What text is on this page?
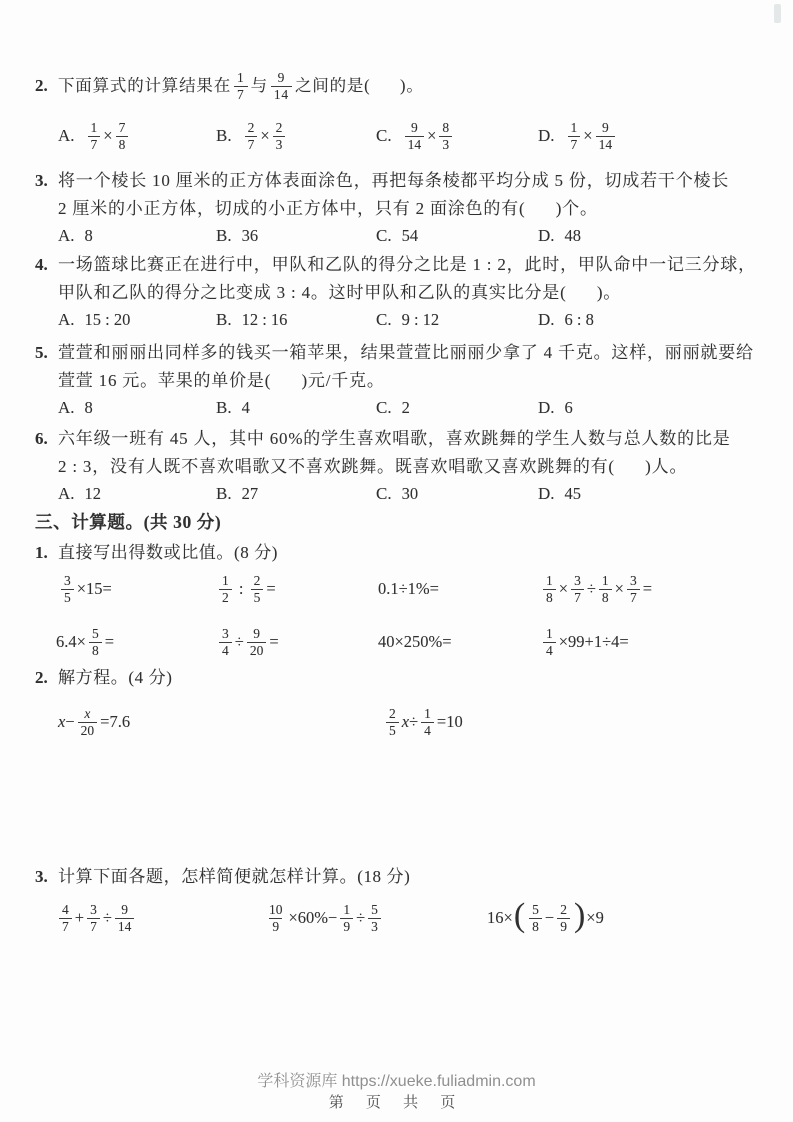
2. 下面算式的计算结果在 $\frac{1}{7}$ 与 $\frac{9}{14}$ 之间的是(      )。
A. $\frac{1}{7} \times \frac{7}{8}$	B. $\frac{2}{7} \times \frac{2}{3}$	C. $\frac{9}{14} \times \frac{8}{3}$	D. $\frac{1}{7} \times \frac{9}{14}$
3. 将一个棱长 10 厘米的正方体表面涂色，再把每条棱都平均分成 5 份，切成若干个棱长
2 厘米的小正方体，切成的小正方体中，只有 2 面涂色的有(      )个。
A. 8	B. 36	C. 54	D. 48
4. 一场篮球比赛正在进行中，甲队和乙队的得分之比是 1 : 2，此时，甲队命中一记三分球，
甲队和乙队的得分之比变成 3 : 4。这时甲队和乙队的真实比分是(      )。
A. 15 : 20	B. 12 : 16	C. 9 : 12	D. 6 : 8
5. 萱萱和丽丽出同样多的钱买一箱苹果，结果萱萱比丽丽少拿了 4 千克。这样，丽丽就要给
萱萱 16 元。苹果的单价是(      )元/千克。
A. 8	B. 4	C. 2	D. 6
6. 六年级一班有 45 人，其中 60%的学生喜欢唱歌，喜欢跳舞的学生人数与总人数的比是
2 : 3，没有人既不喜欢唱歌又不喜欢跳舞。既喜欢唱歌又喜欢跳舞的有(      )人。
A. 12	B. 27	C. 30	D. 45
三、计算题。(共 30 分)
1. 直接写出得数或比值。(8 分)
$\frac{3}{5} \times 15=$	$\frac{1}{2}$ : $\frac{2}{5}$ =	0.1÷1%=	$\frac{1}{8} \times \frac{3}{7} \div \frac{1}{8} \times \frac{3}{7}$ =
$6.4\times \frac{5}{8}$ =	$\frac{3}{4} \div \frac{9}{20}$ =	40×250%=	$\frac{1}{4} \times 99+1\div 4=$
2. 解方程。(4 分)
$x - \frac{x}{20} =7.6$	$\frac{2}{5}$ $x \div \frac{1}{4} =10$
3. 计算下面各题，怎样简便就怎样计算。(18 分)
$\frac{4}{7} + \frac{3}{7} \div \frac{9}{14}$	$\frac{10}{9} \times 60\%- \frac{1}{9} \div \frac{5}{3}$	16× ( $\frac{5}{8} - \frac{2}{9}$ ) ×9
学科资源库 https://xueke.fuliadmin.com
第 页 共 页
